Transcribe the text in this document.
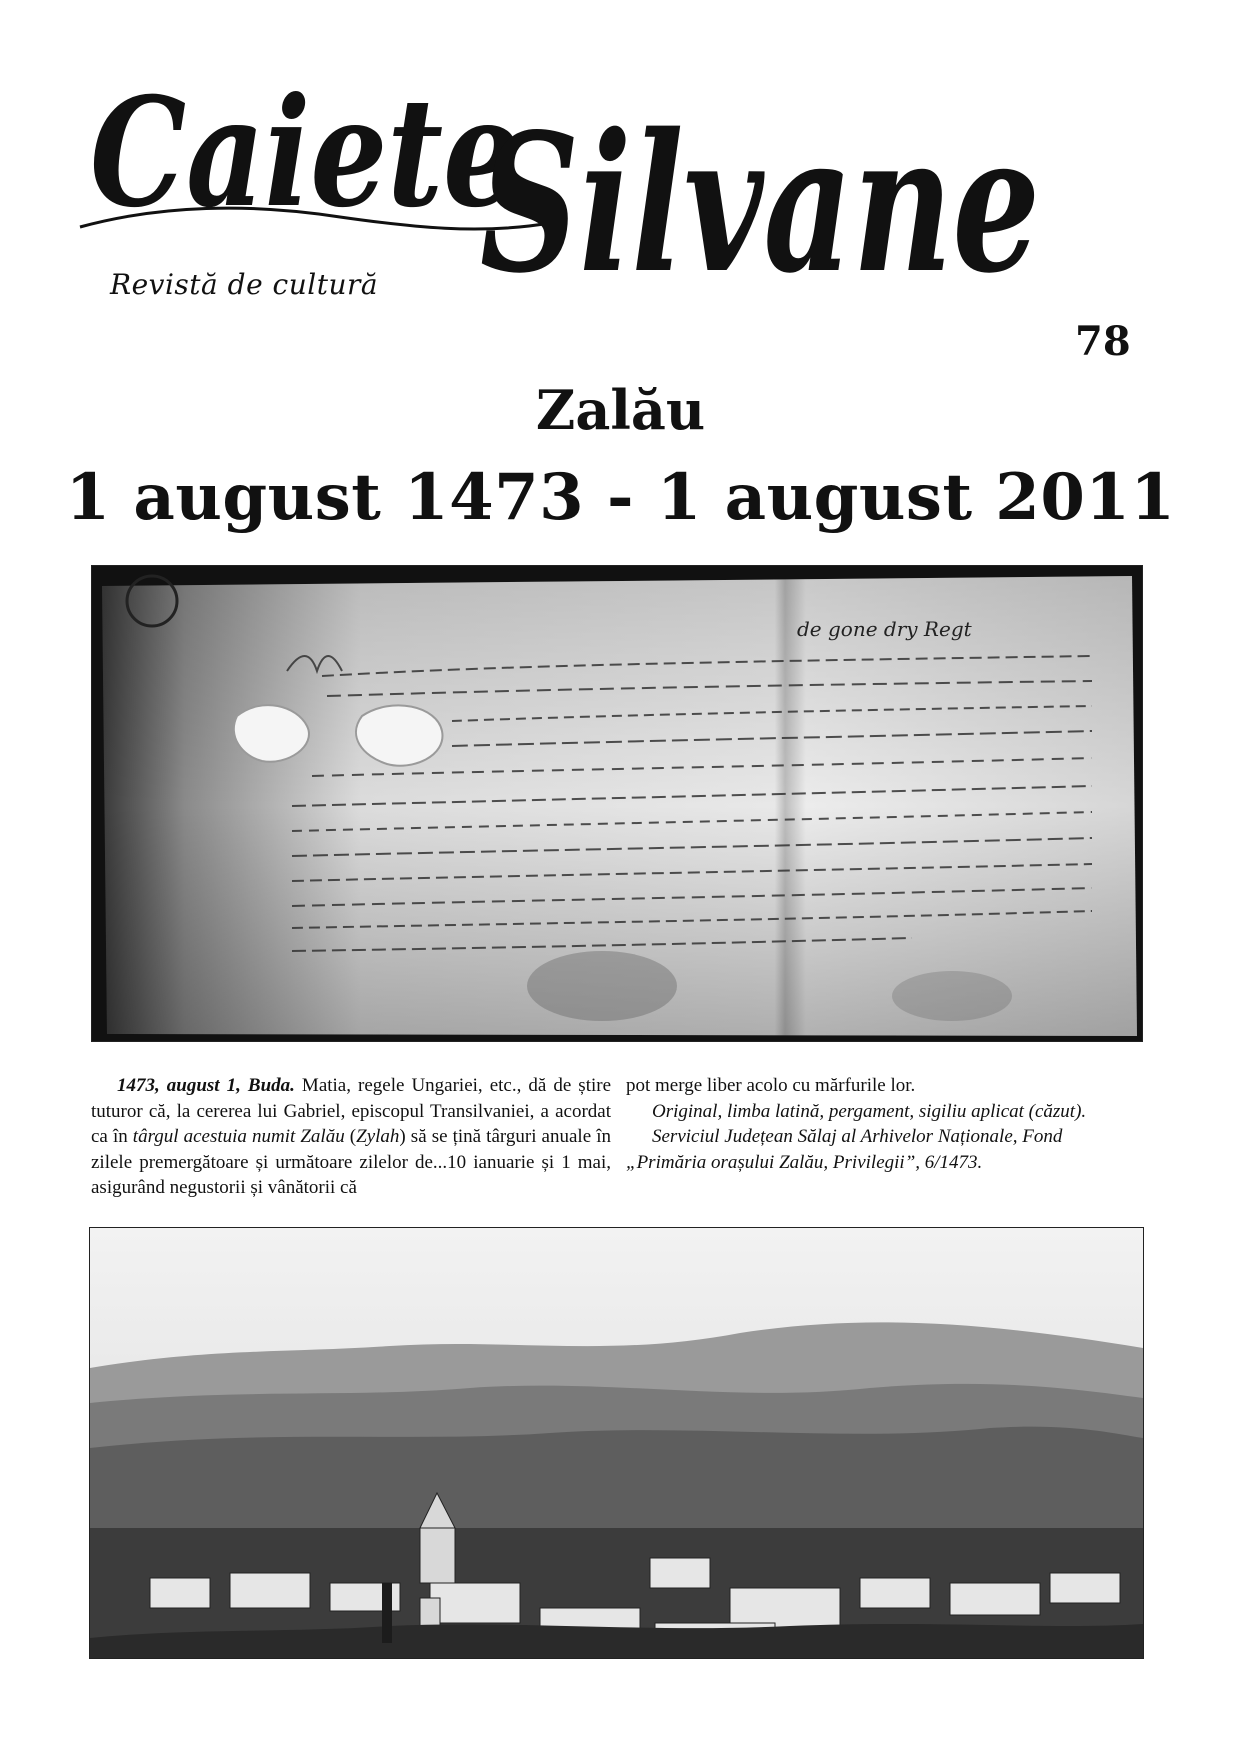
Caiete
Silvane
Revistă de cultură
78
Zalău
1 august 1473 - 1 august 2011
de gone dry Regt

1473, august 1, Buda. Matia, regele Ungariei, etc., dă de știre tuturor că, la cererea lui Gabriel, episcopul Transilvaniei, a acordat ca în târgul acestuia numit Zalău (Zylah) să se țină târguri anuale în zilele premergătoare și următoare zilelor de...10 ianuarie și 1 mai, asigurând negustorii și vânătorii că

pot merge liber acolo cu mărfurile lor.

Original, limba latină, pergament, sigiliu aplicat (căzut).

Serviciul Județean Sălaj al Arhivelor Naționale, Fond „Primăria orașului Zalău, Privilegii”, 6/1473.
